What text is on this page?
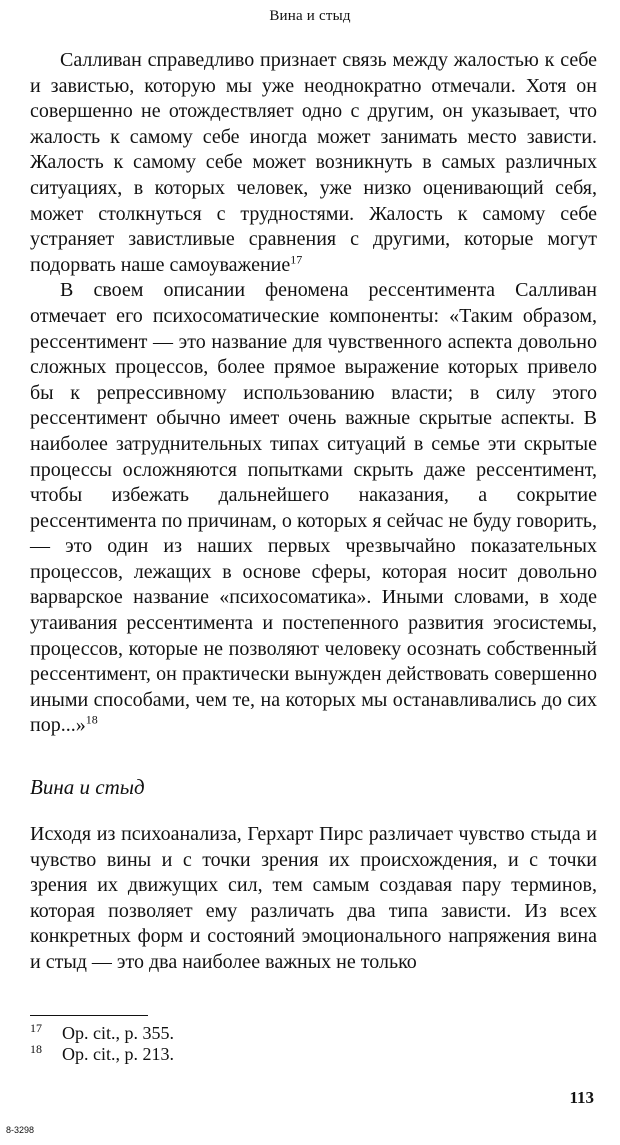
Вина и стыд

Салливан справедливо признает связь между жалостью к себе и завистью, которую мы уже неоднократно отмечали. Хотя он совершенно не отождествляет одно с другим, он указывает, что жалость к самому себе иногда может занимать место зависти. Жалость к самому себе может возникнуть в самых различных ситуациях, в которых человек, уже низко оценивающий себя, может столкнуться с трудностями. Жалость к самому себе устраняет завистливые сравнения с другими, которые могут подорвать наше самоуважение$^{17}$

В своем описании феномена рессентимента Салливан отмечает его психосоматические компоненты: «Таким образом, рессентимент — это название для чувственного аспекта довольно сложных процессов, более прямое выражение которых привело бы к репрессивному использованию власти; в силу этого рессентимент обычно имеет очень важные скрытые аспекты. В наиболее затруднительных типах ситуаций в семье эти скрытые процессы осложняются попытками скрыть даже рессентимент, чтобы избежать дальнейшего наказания, а сокрытие рессентимента по причинам, о которых я сейчас не буду говорить, — это один из наших первых чрезвычайно показательных процессов, лежащих в основе сферы, которая носит довольно варварское название «психосоматика». Иными словами, в ходе утаивания рессентимента и постепенного развития эгосистемы, процессов, которые не позволяют человеку осознать собственный рессентимент, он практически вынужден действовать совершенно иными способами, чем те, на которых мы останавливались до сих пор...»$^{18}$

Вина и стыд

Исходя из психоанализа, Герхарт Пирс различает чувство стыда и чувство вины и с точки зрения их происхождения, и с точки зрения их движущих сил, тем самым создавая пару терминов, которая позволяет ему различать два типа зависти. Из всех конкретных форм и состояний эмоционального напряжения вина и стыд — это два наиболее важных не только

17 Op. cit., p. 355.
18 Op. cit., p. 213.
113
8-3298
